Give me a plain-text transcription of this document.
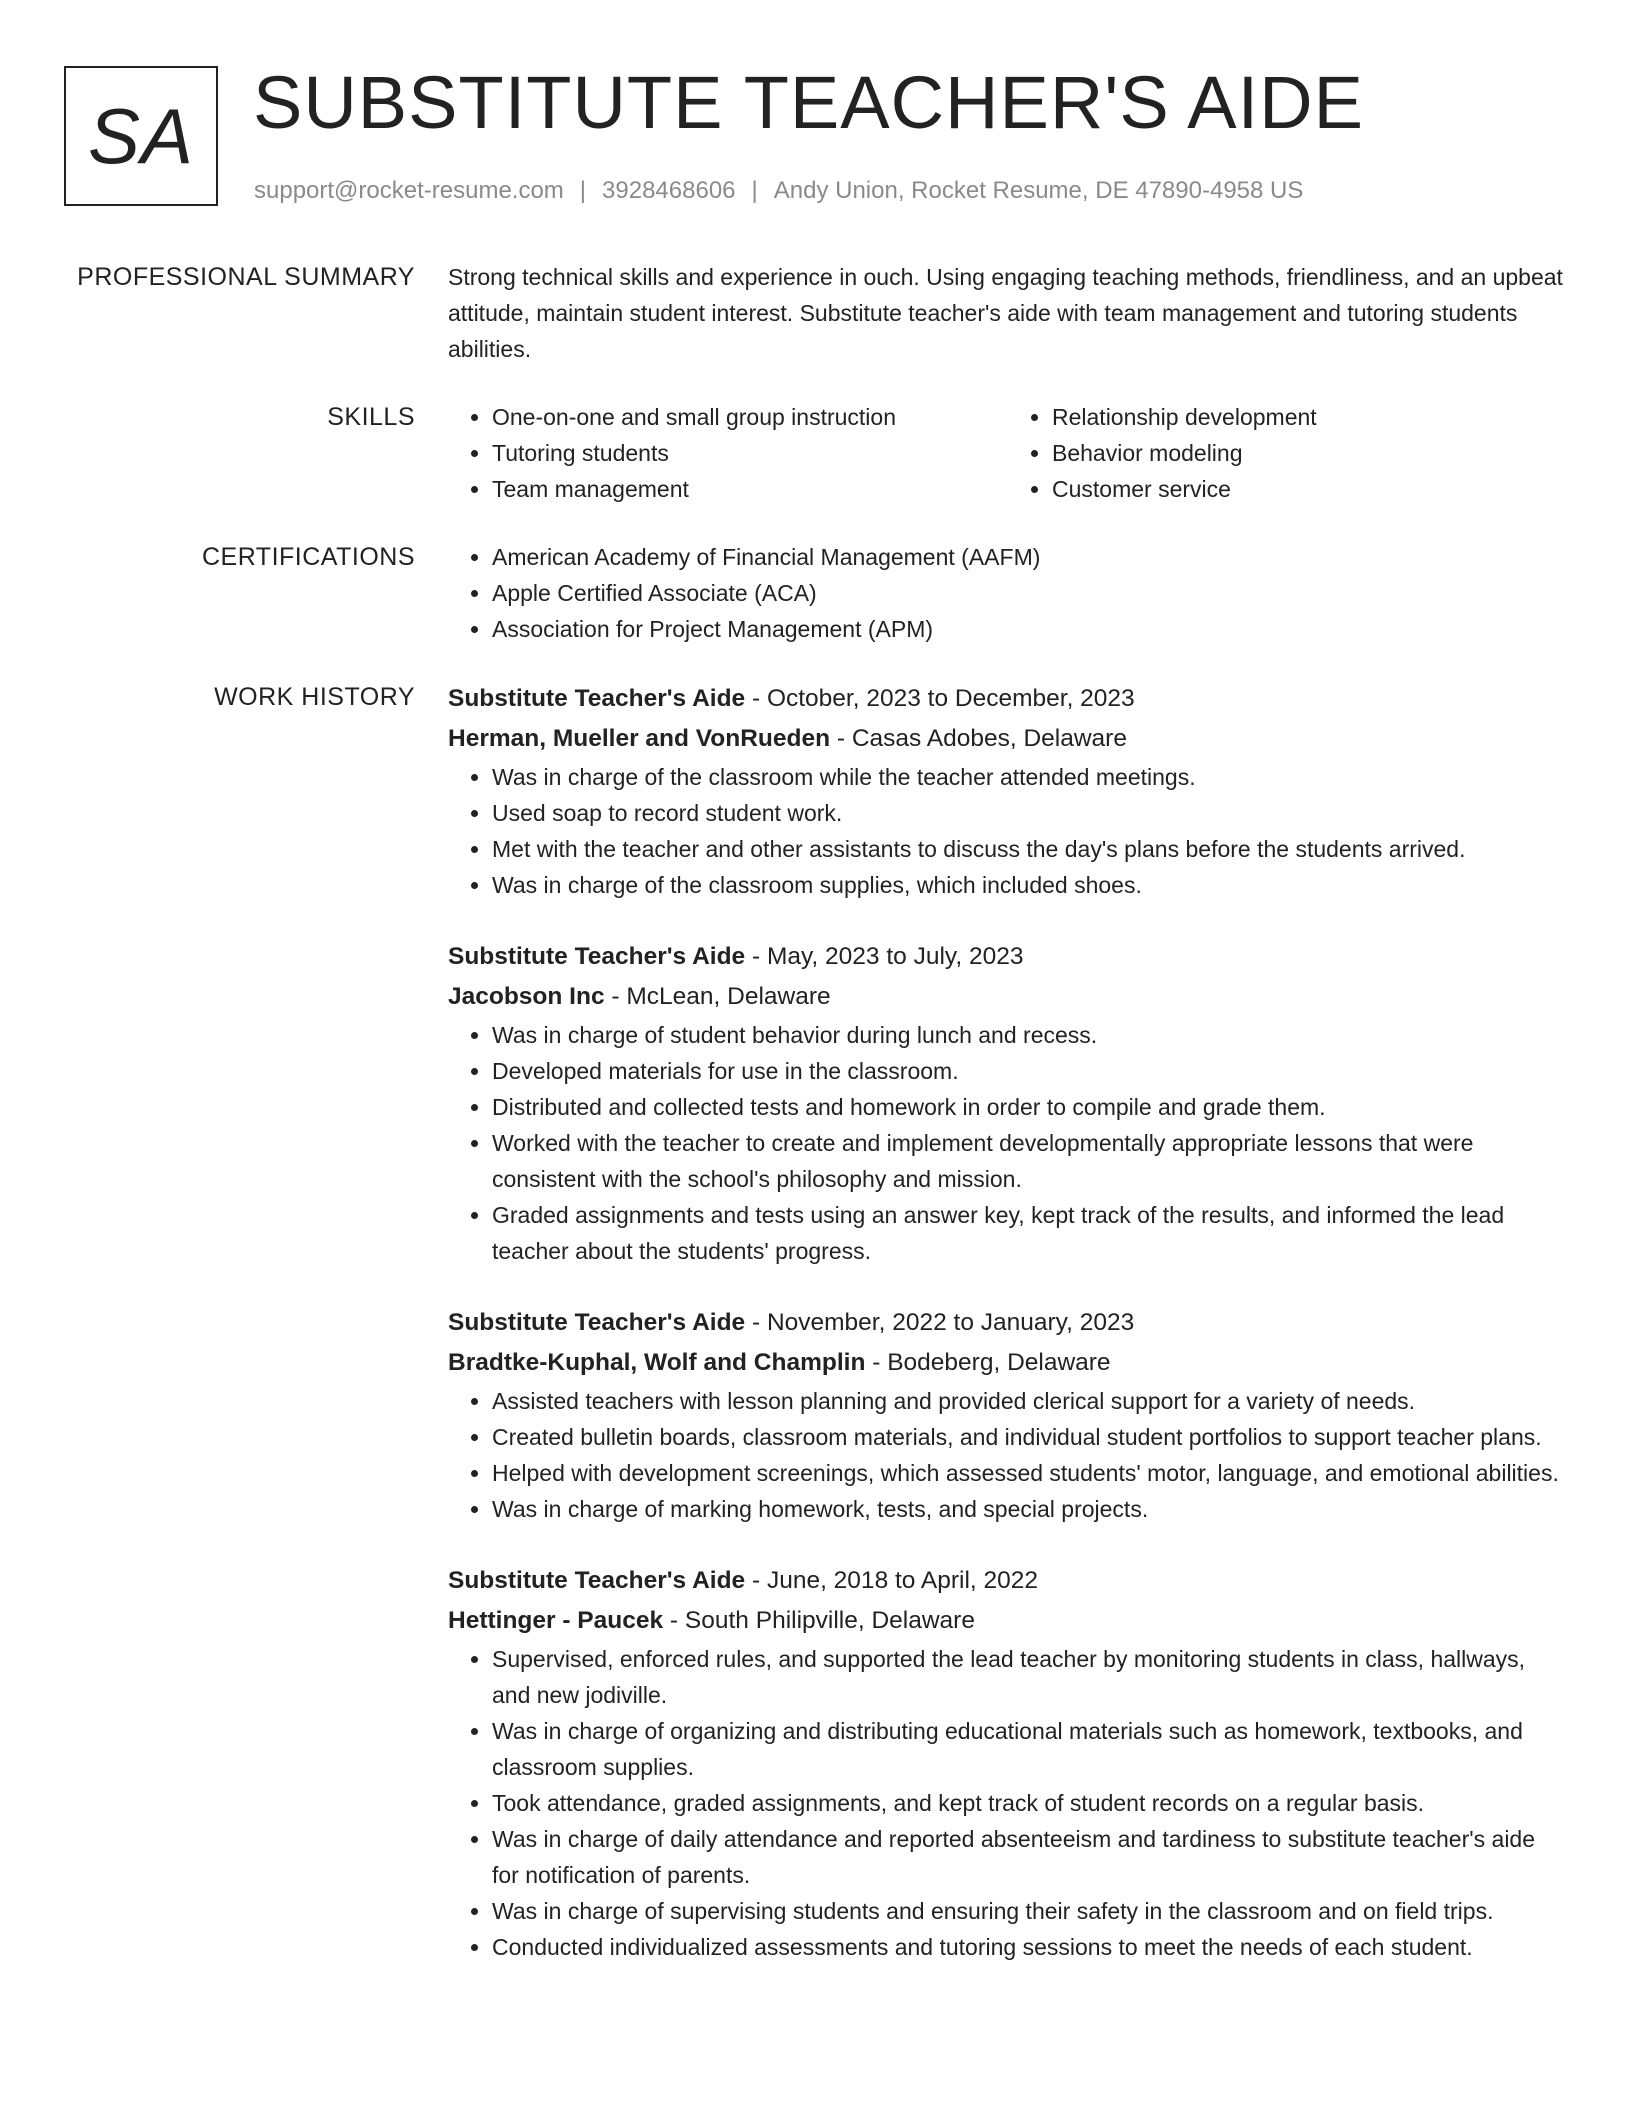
SA SUBSTITUTE TEACHER'S AIDE
support@rocket-resume.com | 3928468606 | Andy Union, Rocket Resume, DE 47890-4958 US
PROFESSIONAL SUMMARY Strong technical skills and experience in ouch. Using engaging teaching methods, friendliness, and an upbeat attitude, maintain student interest. Substitute teacher's aide with team management and tutoring students abilities.

SKILLS	• One-on-one and small group instruction
• Tutoring students
• Team management
• Relationship development
• Behavior modeling
• Customer service
CERTIFICATIONS	• American Academy of Financial Management (AAFM)
• Apple Certified Associate (ACA)
• Association for Project Management (APM)
WORK HISTORY Substitute Teacher's Aide - October, 2023 to December, 2023

Herman, Mueller and VonRueden - Casas Adobes, Delaware

• Was in charge of the classroom while the teacher attended meetings.
• Used soap to record student work.
• Met with the teacher and other assistants to discuss the day's plans before the students arrived.
• Was in charge of the classroom supplies, which included shoes.

Substitute Teacher's Aide - May, 2023 to July, 2023

Jacobson Inc - McLean, Delaware

• Was in charge of student behavior during lunch and recess.
• Developed materials for use in the classroom.
• Distributed and collected tests and homework in order to compile and grade them.
• Worked with the teacher to create and implement developmentally appropriate lessons that were consistent with the school's philosophy and mission.
• Graded assignments and tests using an answer key, kept track of the results, and informed the lead teacher about the students' progress.

Substitute Teacher's Aide - November, 2022 to January, 2023

Bradtke-Kuphal, Wolf and Champlin - Bodeberg, Delaware

• Assisted teachers with lesson planning and provided clerical support for a variety of needs.
• Created bulletin boards, classroom materials, and individual student portfolios to support teacher plans.
• Helped with development screenings, which assessed students' motor, language, and emotional abilities.
• Was in charge of marking homework, tests, and special projects.

Substitute Teacher's Aide - June, 2018 to April, 2022

Hettinger - Paucek - South Philipville, Delaware

• Supervised, enforced rules, and supported the lead teacher by monitoring students in class, hallways, and new jodiville.
• Was in charge of organizing and distributing educational materials such as homework, textbooks, and classroom supplies.
• Took attendance, graded assignments, and kept track of student records on a regular basis.
• Was in charge of daily attendance and reported absenteeism and tardiness to substitute teacher's aide for notification of parents.
• Was in charge of supervising students and ensuring their safety in the classroom and on field trips.
• Conducted individualized assessments and tutoring sessions to meet the needs of each student.
